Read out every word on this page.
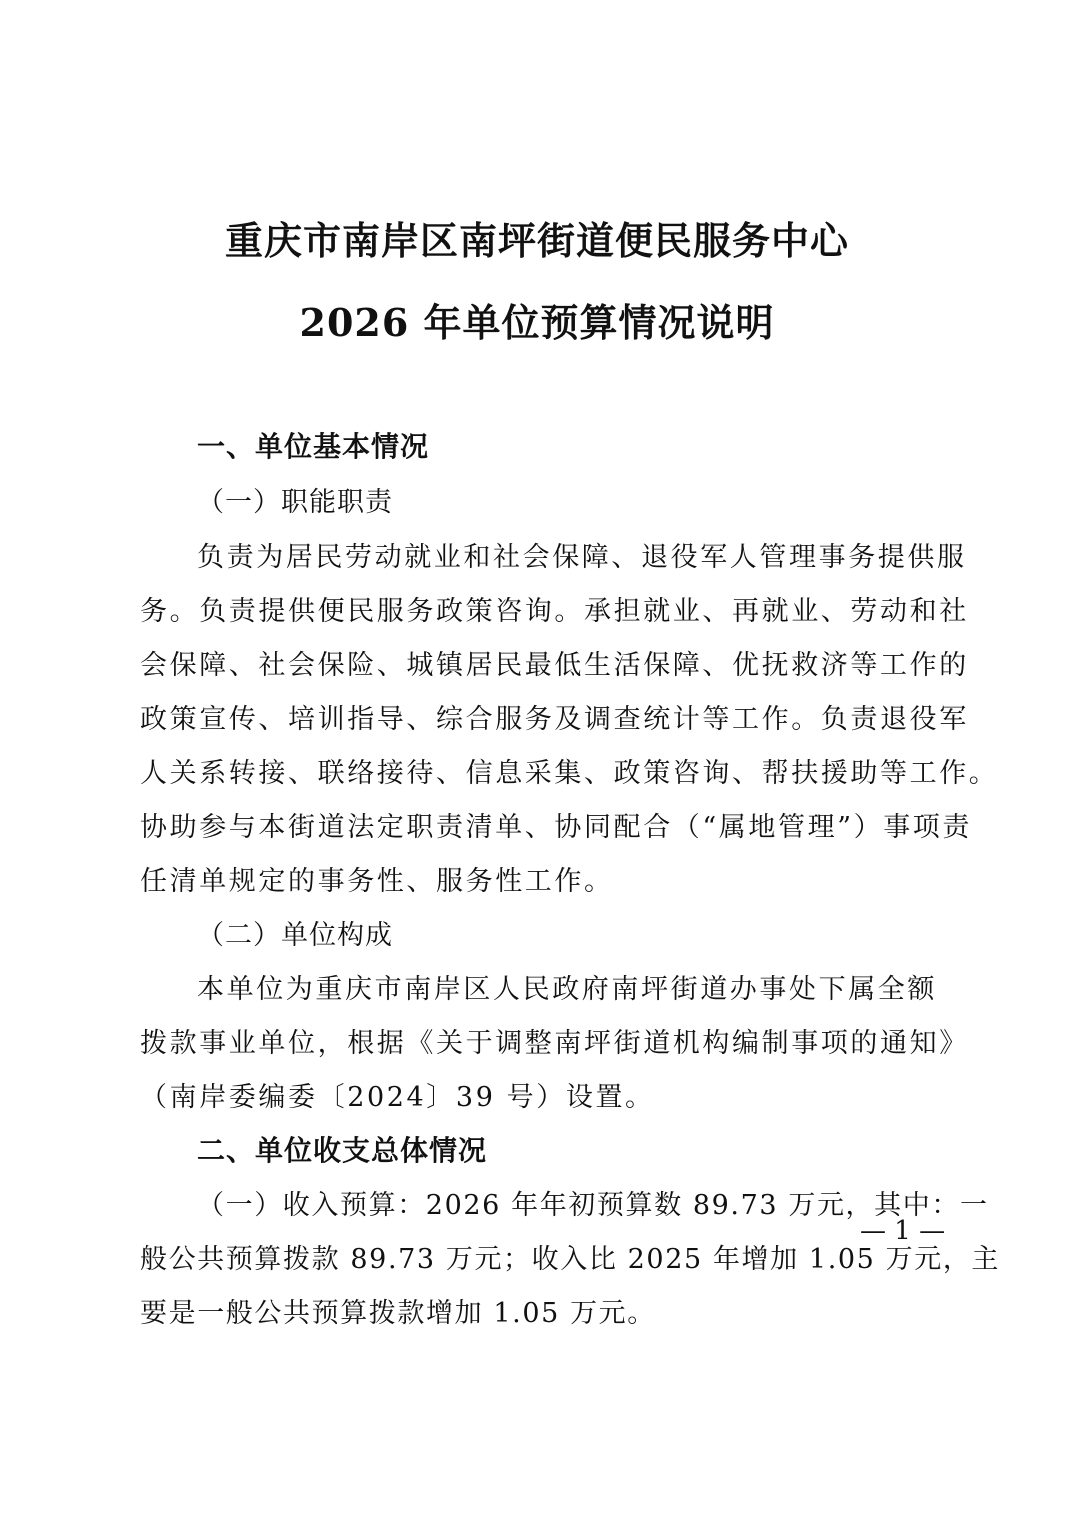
重庆市南岸区南坪街道便民服务中心
2026 年单位预算情况说明
一、单位基本情况
（一）职能职责
负责为居民劳动就业和社会保障、退役军人管理事务提供服
务。负责提供便民服务政策咨询。承担就业、再就业、劳动和社
会保障、社会保险、城镇居民最低生活保障、优抚救济等工作的
政策宣传、培训指导、综合服务及调查统计等工作。负责退役军
人关系转接、联络接待、信息采集、政策咨询、帮扶援助等工作。
协助参与本街道法定职责清单、协同配合（“属地管理”）事项责
任清单规定的事务性、服务性工作。
（二）单位构成
本单位为重庆市南岸区人民政府南坪街道办事处下属全额
拨款事业单位，根据《关于调整南坪街道机构编制事项的通知》
（南岸委编委〔2024〕39 号）设置。
二、单位收支总体情况
（一）收入预算：2026 年年初预算数 89.73 万元，其中：一
般公共预算拨款 89.73 万元；收入比 2025 年增加 1.05 万元，主
要是一般公共预算拨款增加 1.05 万元。
— 1 —
